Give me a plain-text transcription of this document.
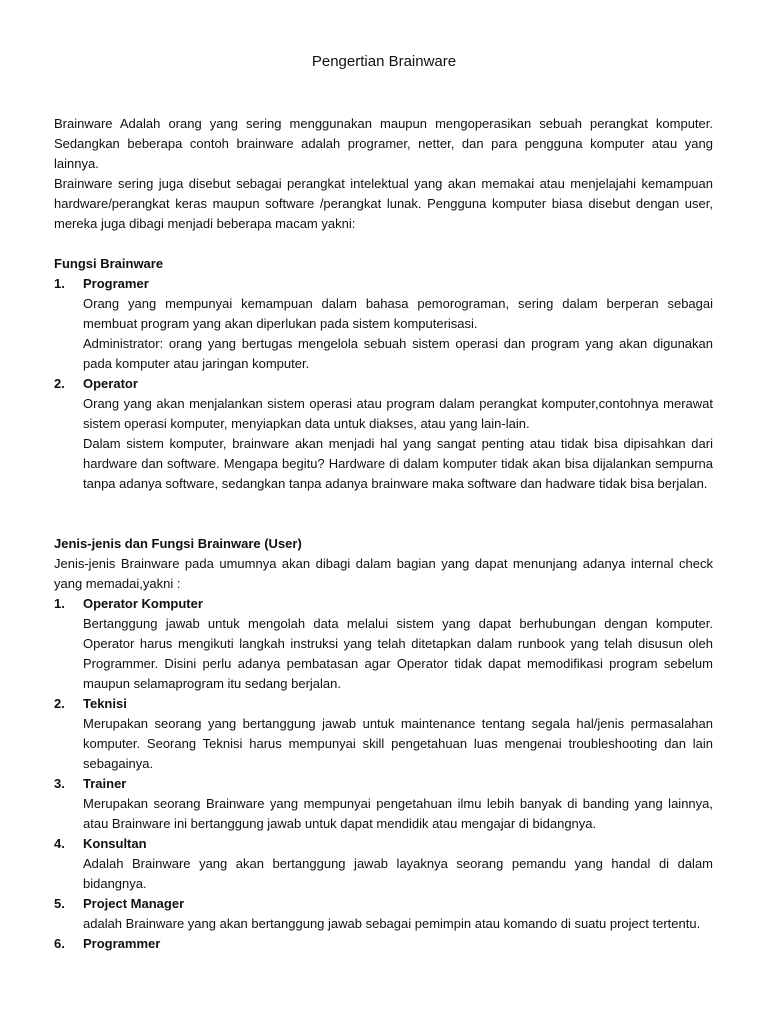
Pengertian Brainware

Brainware Adalah orang yang sering menggunakan maupun mengoperasikan sebuah perangkat komputer. Sedangkan beberapa contoh brainware adalah programer, netter, dan para pengguna komputer atau yang lainnya.

Brainware sering juga disebut sebagai perangkat intelektual yang akan memakai atau menjelajahi kemampuan hardware/perangkat keras maupun software /perangkat lunak. Pengguna komputer biasa disebut dengan user, mereka juga dibagi menjadi beberapa macam yakni:

Fungsi Brainware

1.	Programer

Orang yang mempunyai kemampuan dalam bahasa pemorograman, sering dalam berperan sebagai membuat program yang akan diperlukan pada sistem komputerisasi.

Administrator: orang yang bertugas mengelola sebuah sistem operasi dan program yang akan digunakan pada komputer atau jaringan komputer.

2.	Operator

Orang yang akan menjalankan sistem operasi atau program dalam perangkat komputer,contohnya merawat sistem operasi komputer, menyiapkan data untuk diakses, atau yang lain-lain.

Dalam sistem komputer, brainware akan menjadi hal yang sangat penting atau tidak bisa dipisahkan dari hardware dan software. Mengapa begitu? Hardware di dalam komputer tidak akan bisa dijalankan sempurna tanpa adanya software, sedangkan tanpa adanya brainware maka software dan hadware tidak bisa berjalan.

Jenis-jenis dan Fungsi Brainware (User)

Jenis-jenis Brainware pada umumnya akan dibagi dalam bagian yang dapat menunjang adanya internal check yang memadai,yakni :

1.	Operator Komputer

Bertanggung jawab untuk mengolah data melalui sistem yang dapat berhubungan dengan komputer. Operator harus mengikuti langkah instruksi yang telah ditetapkan dalam runbook yang telah disusun oleh Programmer. Disini perlu adanya pembatasan agar Operator tidak dapat memodifikasi program sebelum maupun selamaprogram itu sedang berjalan.

2.	Teknisi

Merupakan seorang yang bertanggung jawab untuk maintenance tentang segala hal/jenis permasalahan komputer. Seorang Teknisi harus mempunyai skill pengetahuan luas mengenai troubleshooting dan lain sebagainya.

3.	Trainer

Merupakan seorang Brainware yang mempunyai pengetahuan ilmu lebih banyak di banding yang lainnya, atau Brainware ini bertanggung jawab untuk dapat mendidik atau mengajar di bidangnya.

4.	Konsultan

Adalah Brainware yang akan bertanggung jawab layaknya seorang pemandu yang handal di dalam bidangnya.

5.	Project Manager

adalah Brainware yang akan bertanggung jawab sebagai pemimpin atau komando di suatu project tertentu.

6.	Programmer
